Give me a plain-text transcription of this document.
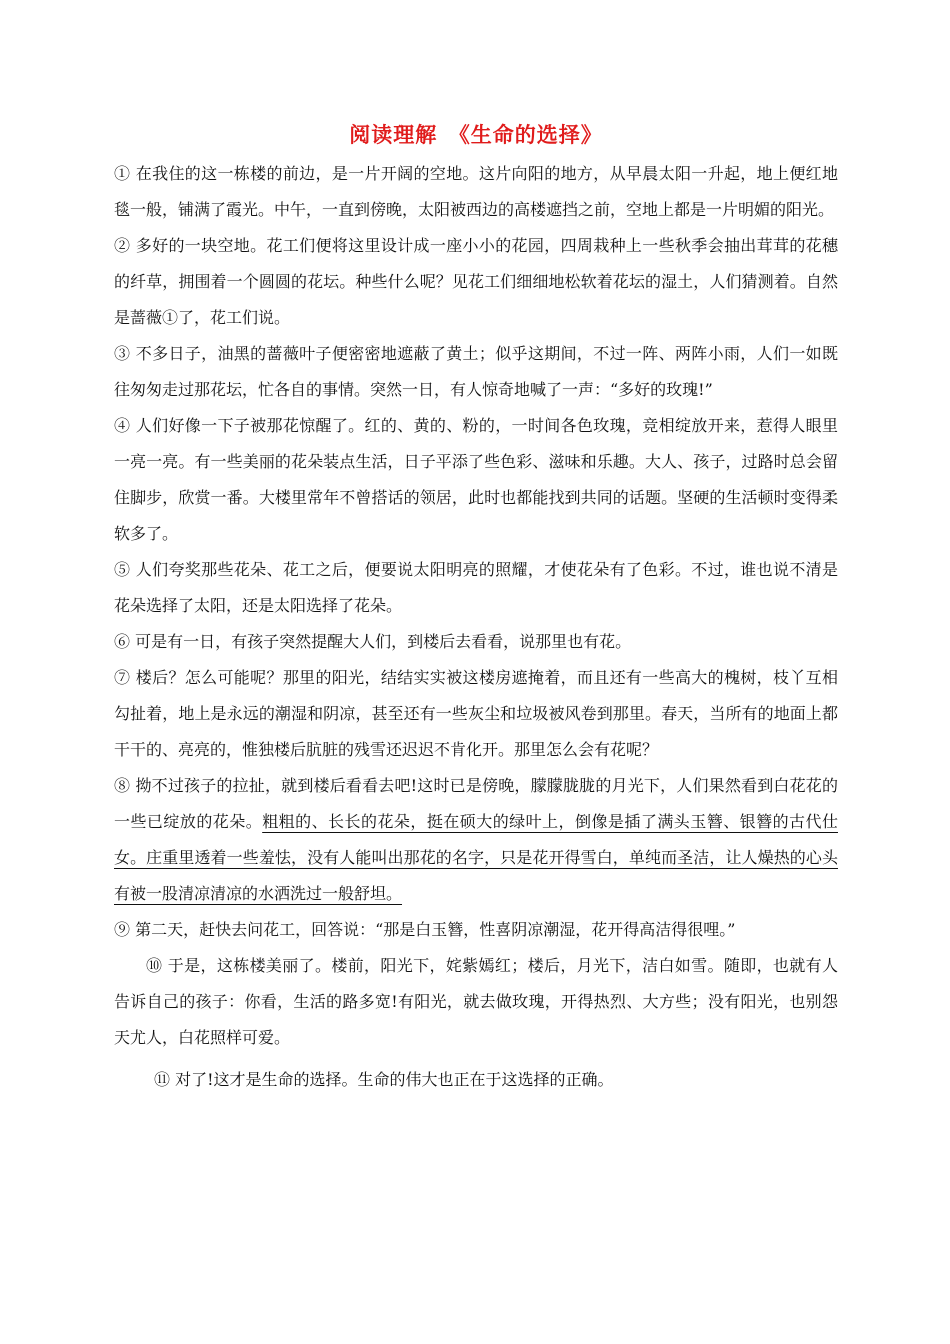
阅读理解　《生命的选择》

① 在我住的这一栋楼的前边，是一片开阔的空地。这片向阳的地方，从早晨太阳一升起，地上便红地毯一般，铺满了霞光。中午，一直到傍晚，太阳被西边的高楼遮挡之前，空地上都是一片明媚的阳光。

② 多好的一块空地。花工们便将这里设计成一座小小的花园，四周栽种上一些秋季会抽出茸茸的花穗的纤草，拥围着一个圆圆的花坛。种些什么呢？见花工们细细地松软着花坛的湿土，人们猜测着。自然是蔷薇①了，花工们说。

③ 不多日子，油黑的蔷薇叶子便密密地遮蔽了黄土；似乎这期间，不过一阵、两阵小雨，人们一如既往匆匆走过那花坛，忙各自的事情。突然一日，有人惊奇地喊了一声：“多好的玫瑰!”

④ 人们好像一下子被那花惊醒了。红的、黄的、粉的，一时间各色玫瑰，竞相绽放开来，惹得人眼里一亮一亮。有一些美丽的花朵装点生活，日子平添了些色彩、滋味和乐趣。大人、孩子，过路时总会留住脚步，欣赏一番。大楼里常年不曾搭话的领居，此时也都能找到共同的话题。坚硬的生活顿时变得柔软多了。

⑤ 人们夸奖那些花朵、花工之后，便要说太阳明亮的照耀，才使花朵有了色彩。不过，谁也说不清是花朵选择了太阳，还是太阳选择了花朵。

⑥ 可是有一日，有孩子突然提醒大人们，到楼后去看看，说那里也有花。

⑦ 楼后？怎么可能呢？那里的阳光，结结实实被这楼房遮掩着，而且还有一些高大的槐树，枝丫互相勾扯着，地上是永远的潮湿和阴凉，甚至还有一些灰尘和垃圾被风卷到那里。春天，当所有的地面上都干干的、亮亮的，惟独楼后肮脏的残雪还迟迟不肯化开。那里怎么会有花呢？

⑧ 拗不过孩子的拉扯，就到楼后看看去吧!这时已是傍晚，朦朦胧胧的月光下，人们果然看到白花花的一些已绽放的花朵。粗粗的、长长的花朵，挺在硕大的绿叶上，倒像是插了满头玉簪、银簪的古代仕女。庄重里透着一些羞怯，没有人能叫出那花的名字，只是花开得雪白，单纯而圣洁，让人燥热的心头有被一股清凉清凉的水洒洗过一般舒坦。

⑨ 第二天，赶快去问花工，回答说：“那是白玉簪，性喜阴凉潮湿，花开得高洁得很哩。”

⑩ 于是，这栋楼美丽了。楼前，阳光下，姹紫嫣红；楼后，月光下，洁白如雪。随即，也就有人告诉自己的孩子：你看，生活的路多宽!有阳光，就去做玫瑰，开得热烈、大方些；没有阳光，也别怨天尤人，白花照样可爱。

⑪ 对了!这才是生命的选择。生命的伟大也正在于这选择的正确。
